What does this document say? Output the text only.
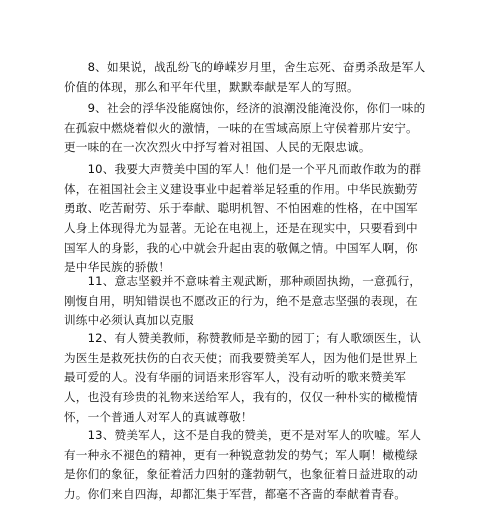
　　8、如果说，战乱纷飞的峥嵘岁月里，舍生忘死、奋勇杀敌是军人
价值的体现，那么和平年代里，默默奉献是军人的写照。
　　9、社会的浮华没能腐蚀你，经济的浪潮没能淹没你，你们一味的
在孤寂中燃烧着似火的激情，一味的在雪域高原上守侯着那片安宁。
更一味的在一次次烈火中抒写着对祖国、人民的无限忠诚。
　　10、我要大声赞美中国的军人！他们是一个平凡而敢作敢为的群
体，在祖国社会主义建设事业中起着举足轻重的作用。中华民族勤劳
勇敢、吃苦耐劳、乐于奉献、聪明机智、不怕困难的性格，在中国军
人身上体现得尤为显著。无论在电视上，还是在现实中，只要看到中
国军人的身影，我的心中就会升起由衷的敬佩之情。中国军人啊，你
是中华民族的骄傲！
　　11、意志坚毅并不意味着主观武断，那种顽固执拗，一意孤行，
刚愎自用，明知错误也不愿改正的行为，绝不是意志坚强的表现，在
训练中必须认真加以克服
　　12、有人赞美教师，称赞教师是辛勤的园丁；有人歌颂医生，认
为医生是救死扶伤的白衣天使；而我要赞美军人，因为他们是世界上
最可爱的人。没有华丽的词语来形容军人，没有动听的歌来赞美军
人，也没有珍贵的礼物来送给军人，我有的，仅仅一种朴实的橄榄情
怀，一个普通人对军人的真诚尊敬！
　　13、赞美军人，这不是自我的赞美，更不是对军人的吹嘘。军人
有一种永不褪色的精神，更有一种锐意勃发的势气；军人啊！橄榄绿
是你们的象征，象征着活力四射的蓬勃朝气，也象征着日益进取的动
力。你们来自四海，却都汇集于军营，都毫不吝啬的奉献着青春。
